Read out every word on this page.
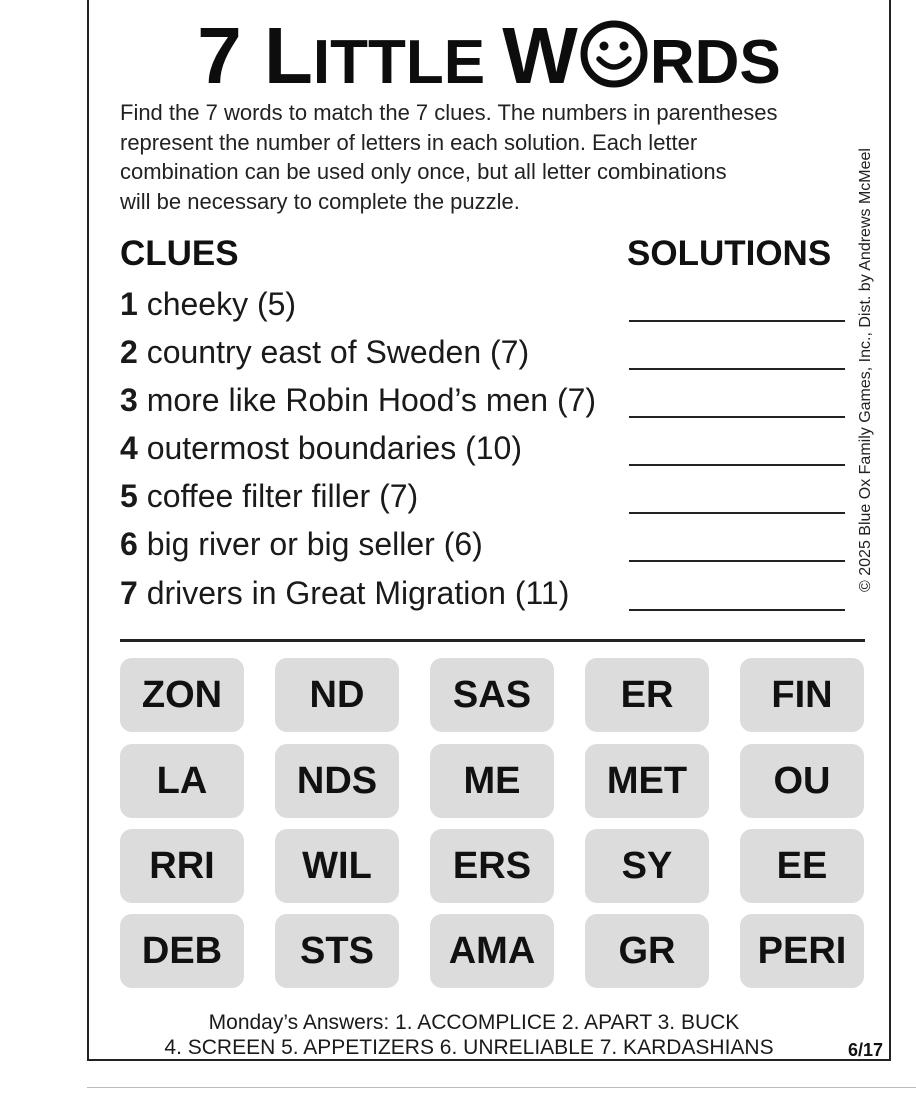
7 LITTLE W RDS
Find the 7 words to match the 7 clues. The numbers in parentheses
represent the number of letters in each solution. Each letter
combination can be used only once, but all letter combinations
will be necessary to complete the puzzle.
CLUES	SOLUTIONS
1 cheeky (5)
2 country east of Sweden (7)
3 more like Robin Hood’s men (7)
4 outermost boundaries (10)
5 coffee filter filler (7)
6 big river or big seller (6)
7 drivers in Great Migration (11)
ZON	ND	SAS	ER	FIN
LA	NDS	ME	MET	OU
RRI	WIL	ERS	SY	EE
DEB	STS	AMA	GR	PERI
Monday’s Answers: 1. ACCOMPLICE 2. APART 3. BUCK
4. SCREEN 5. APPETIZERS 6. UNRELIABLE 7. KARDASHIANS	6/17
© 2025 Blue Ox Family Games, Inc., Dist. by Andrews McMeel
